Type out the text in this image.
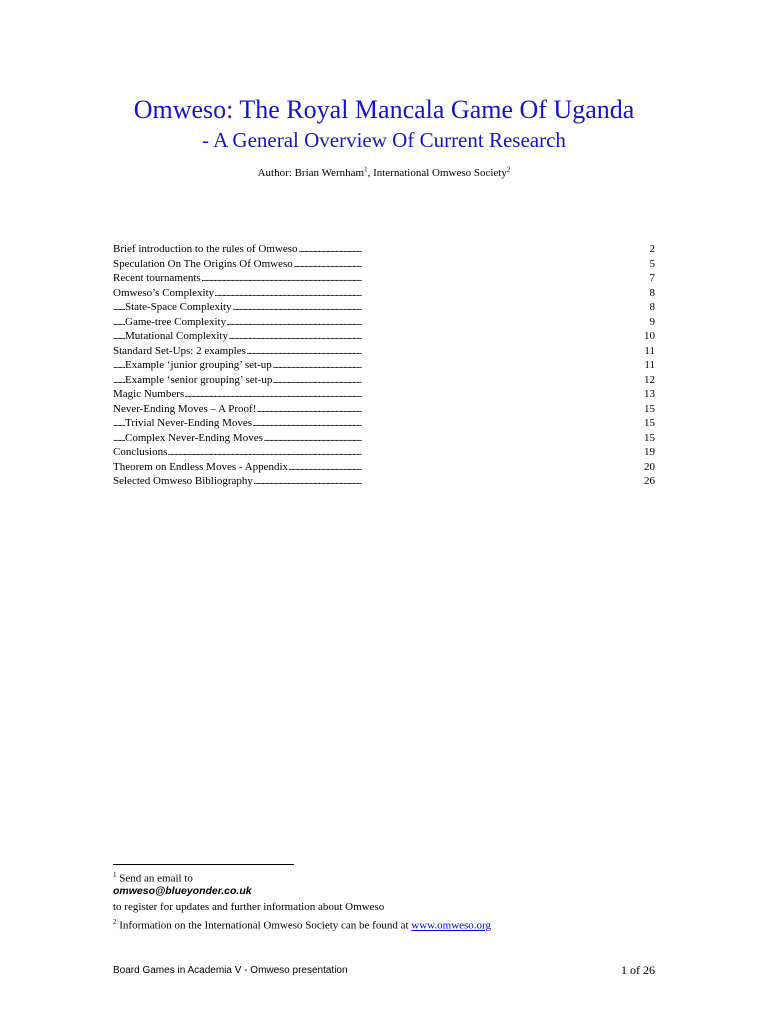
Omweso: The Royal Mancala Game Of Uganda
- A General Overview Of Current Research
Author: Brian Wernham$^1$, International Omweso Society$^2$
. . .
Brief introduction to the rules of Omweso	2
. . .
Speculation On The Origins Of Omweso	5
. . .
Recent tournaments	7
. . .
Omweso’s Complexity	8
. . .
State-Space Complexity	8
. . .
Game-tree Complexity	9
. . .
Mutational Complexity	10
. . .
Standard Set-Ups: 2 examples	11
. . .
Example ‘junior grouping’ set-up	11
. . .
Example ‘senior grouping’ set-up	12
. . .
Magic Numbers	13
. . .
Never-Ending Moves – A Proof!	15
. . .
Trivial Never-Ending Moves	15
. . .
Complex Never-Ending Moves	15
. . .
Conclusions	19
. . .
Theorem on Endless Moves - Appendix	20
. . .
Selected Omweso Bibliography	26
$^1$ Send an email to
omweso@blueyonder.co.uk
to register for updates and further information about Omweso
$^2$ Information on the International Omweso Society can be found at www.omweso.org
Board Games in Academia V - Omweso presentation	1 of 26
